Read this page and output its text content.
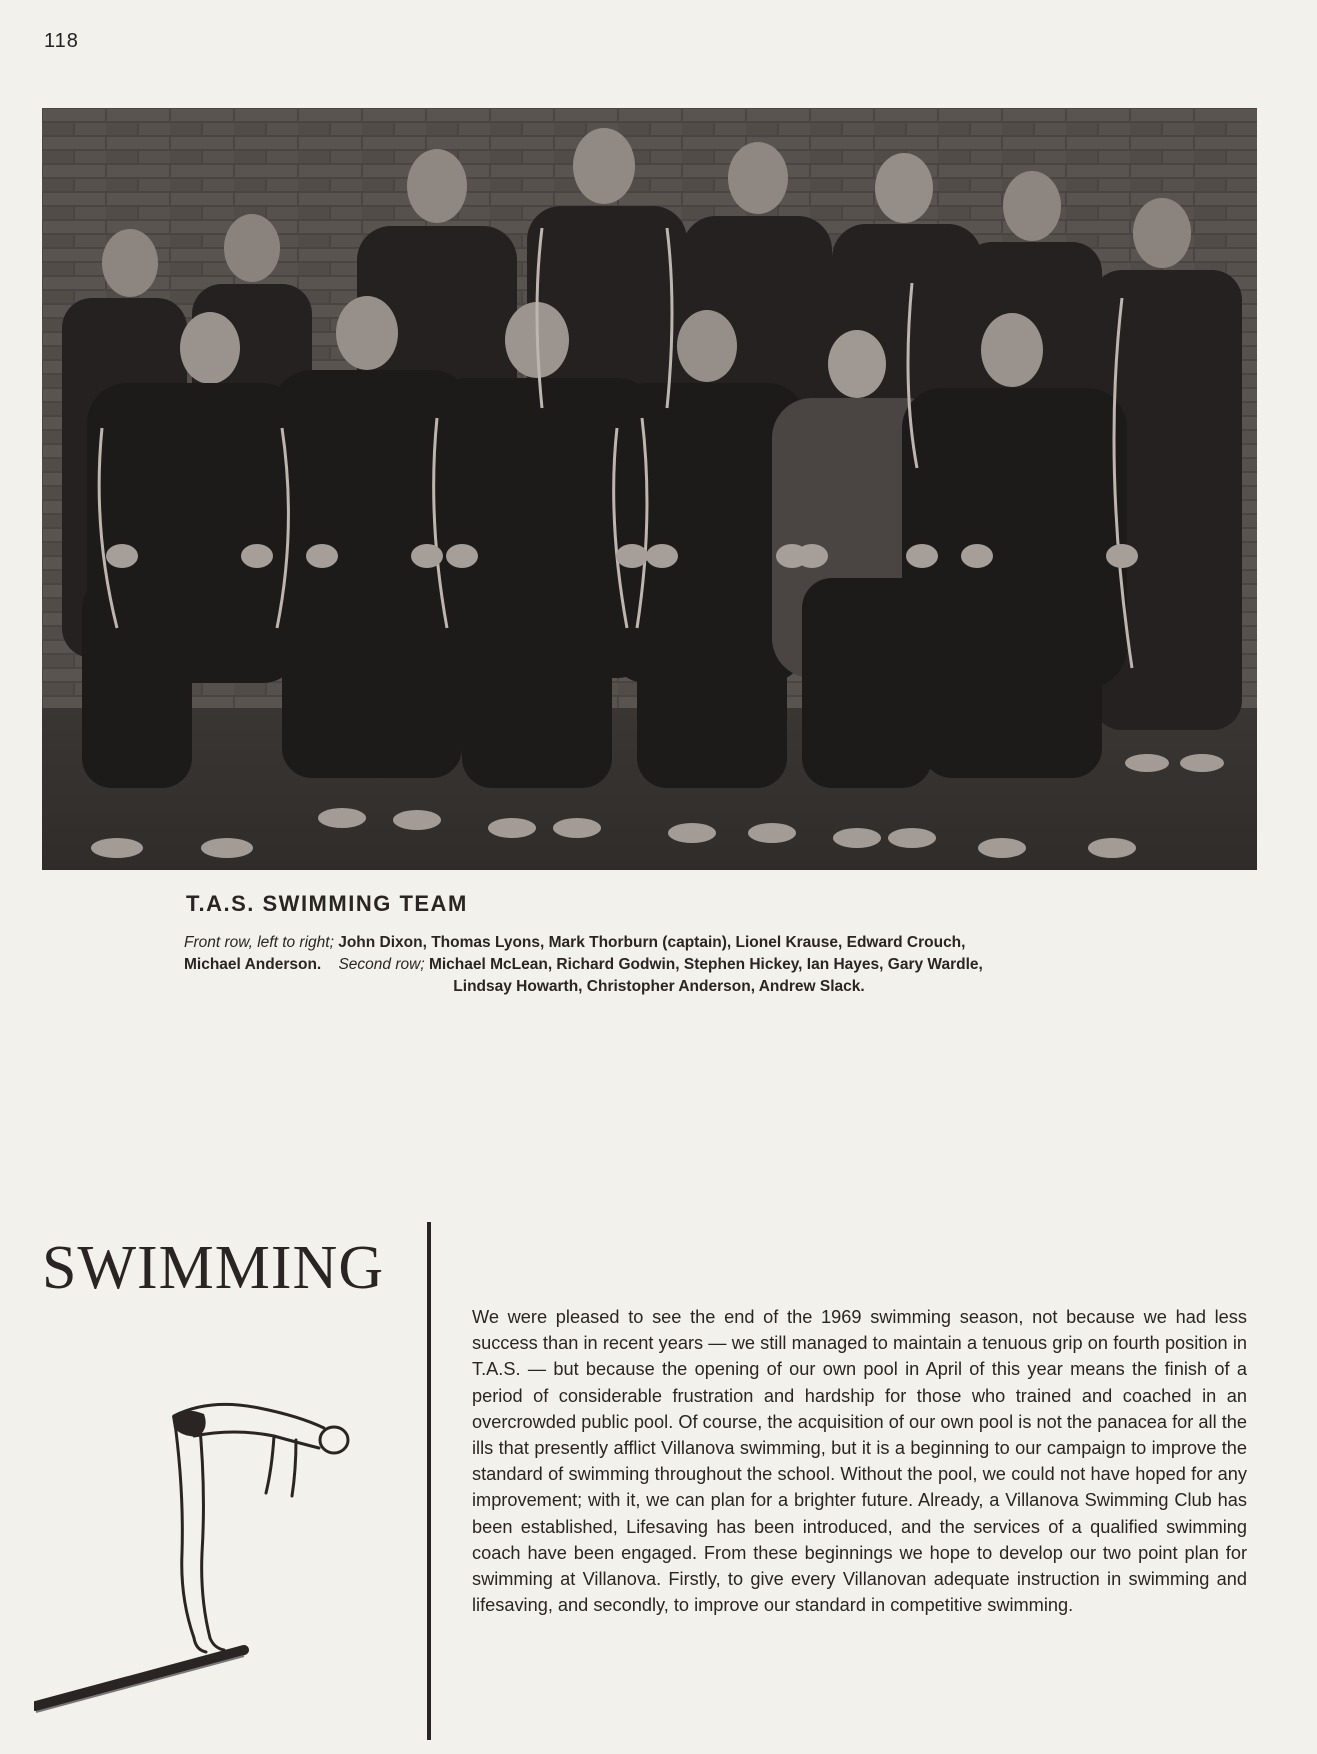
118
T.A.S. SWIMMING TEAM
Front row, left to right; John Dixon, Thomas Lyons, Mark Thorburn (captain), Lionel Krause, Edward Crouch,
Michael Anderson. Second row; Michael McLean, Richard Godwin, Stephen Hickey, Ian Hayes, Gary Wardle,
Lindsay Howarth, Christopher Anderson, Andrew Slack.
SWIMMING

We were pleased to see the end of the 1969 swimming season, not because we had less success than in recent years — we still managed to maintain a tenuous grip on fourth position in T.A.S. — but because the opening of our own pool in April of this year means the finish of a period of considerable frustration and hardship for those who trained and coached in an overcrowded public pool. Of course, the acquisition of our own pool is not the panacea for all the ills that presently afflict Villanova swimming, but it is a beginning to our campaign to improve the standard of swimming throughout the school. Without the pool, we could not have hoped for any improvement; with it, we can plan for a brighter future. Already, a Villanova Swimming Club has been established, Lifesaving has been introduced, and the services of a qualified swimming coach have been engaged. From these beginnings we hope to develop our two point plan for swimming at Villanova. Firstly, to give every Villanovan adequate instruction in swimming and lifesaving, and secondly, to improve our standard in competitive swimming.
